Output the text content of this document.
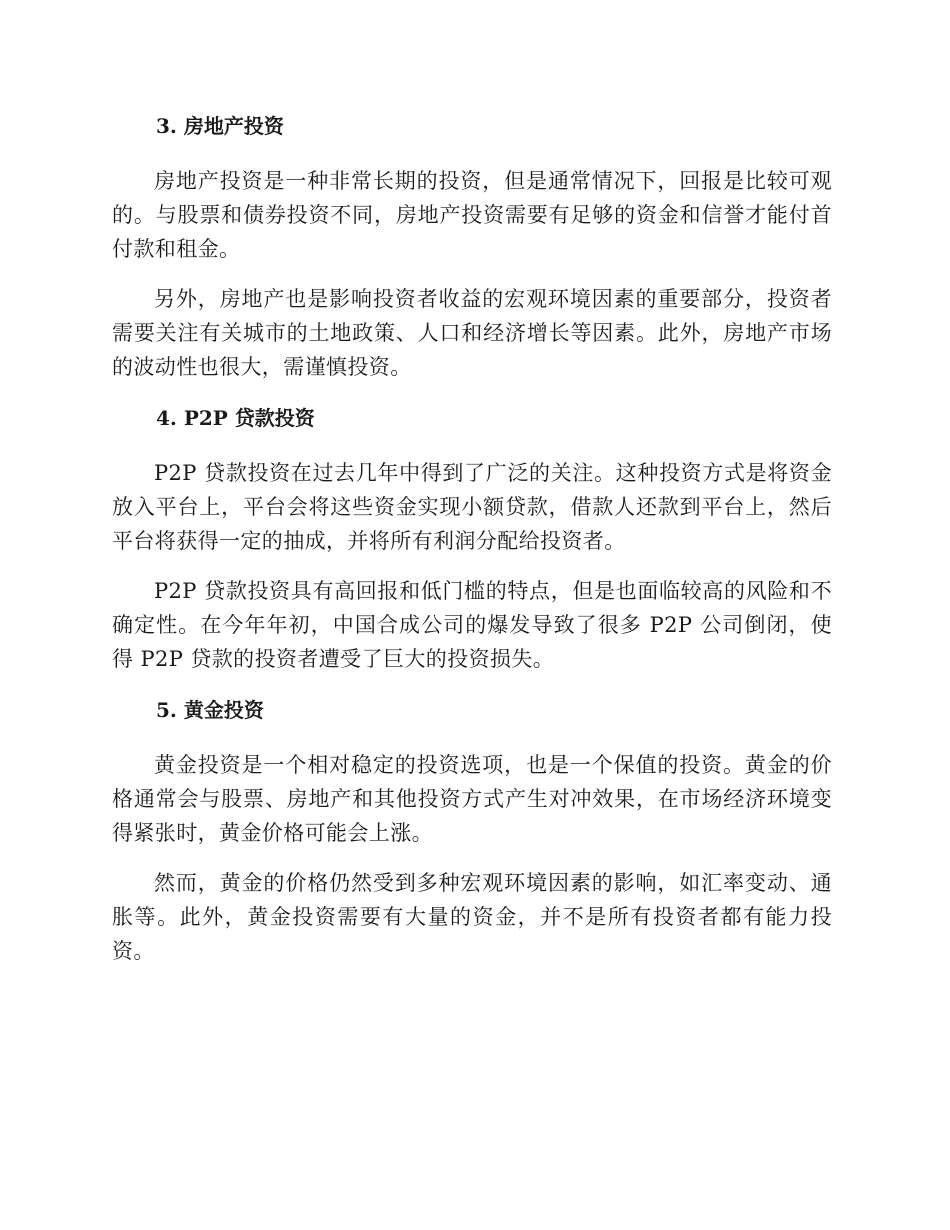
3. 房地产投资

房地产投资是一种非常长期的投资，但是通常情况下，回报是比较可观的。与股票和债券投资不同，房地产投资需要有足够的资金和信誉才能付首付款和租金。

另外，房地产也是影响投资者收益的宏观环境因素的重要部分，投资者需要关注有关城市的土地政策、人口和经济增长等因素。此外，房地产市场的波动性也很大，需谨慎投资。

4. P2P 贷款投资

P2P 贷款投资在过去几年中得到了广泛的关注。这种投资方式是将资金放入平台上，平台会将这些资金实现小额贷款，借款人还款到平台上，然后平台将获得一定的抽成，并将所有利润分配给投资者。

P2P 贷款投资具有高回报和低门槛的特点，但是也面临较高的风险和不确定性。在今年年初，中国合成公司的爆发导致了很多 P2P 公司倒闭，使得 P2P 贷款的投资者遭受了巨大的投资损失。

5. 黄金投资

黄金投资是一个相对稳定的投资选项，也是一个保值的投资。黄金的价格通常会与股票、房地产和其他投资方式产生对冲效果，在市场经济环境变得紧张时，黄金价格可能会上涨。

然而，黄金的价格仍然受到多种宏观环境因素的影响，如汇率变动、通胀等。此外，黄金投资需要有大量的资金，并不是所有投资者都有能力投资。
